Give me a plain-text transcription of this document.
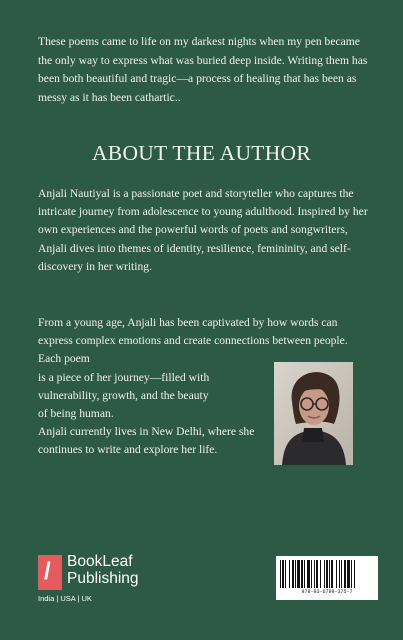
These poems came to life on my darkest nights when my pen became the only way to express what was buried deep inside. Writing them has been both beautiful and tragic—a process of healing that has been as messy as it has been cathartic..

ABOUT THE AUTHOR

Anjali Nautiyal is a passionate poet and storyteller who captures the intricate journey from adolescence to young adulthood. Inspired by her own experiences and the powerful words of poets and songwriters, Anjali dives into themes of identity, resilience, femininity, and self-discovery in her writing.

From a young age, Anjali has been captivated by how words can express complex emotions and create connections between people. Each poem
is a piece of her journey—filled with
vulnerability, growth, and the beauty
of being human.

Anjali currently lives in New Delhi, where she continues to write and explore her life.

/ BookLeaf
Publishing
India | USA | UK
978-93-6799-375-7
